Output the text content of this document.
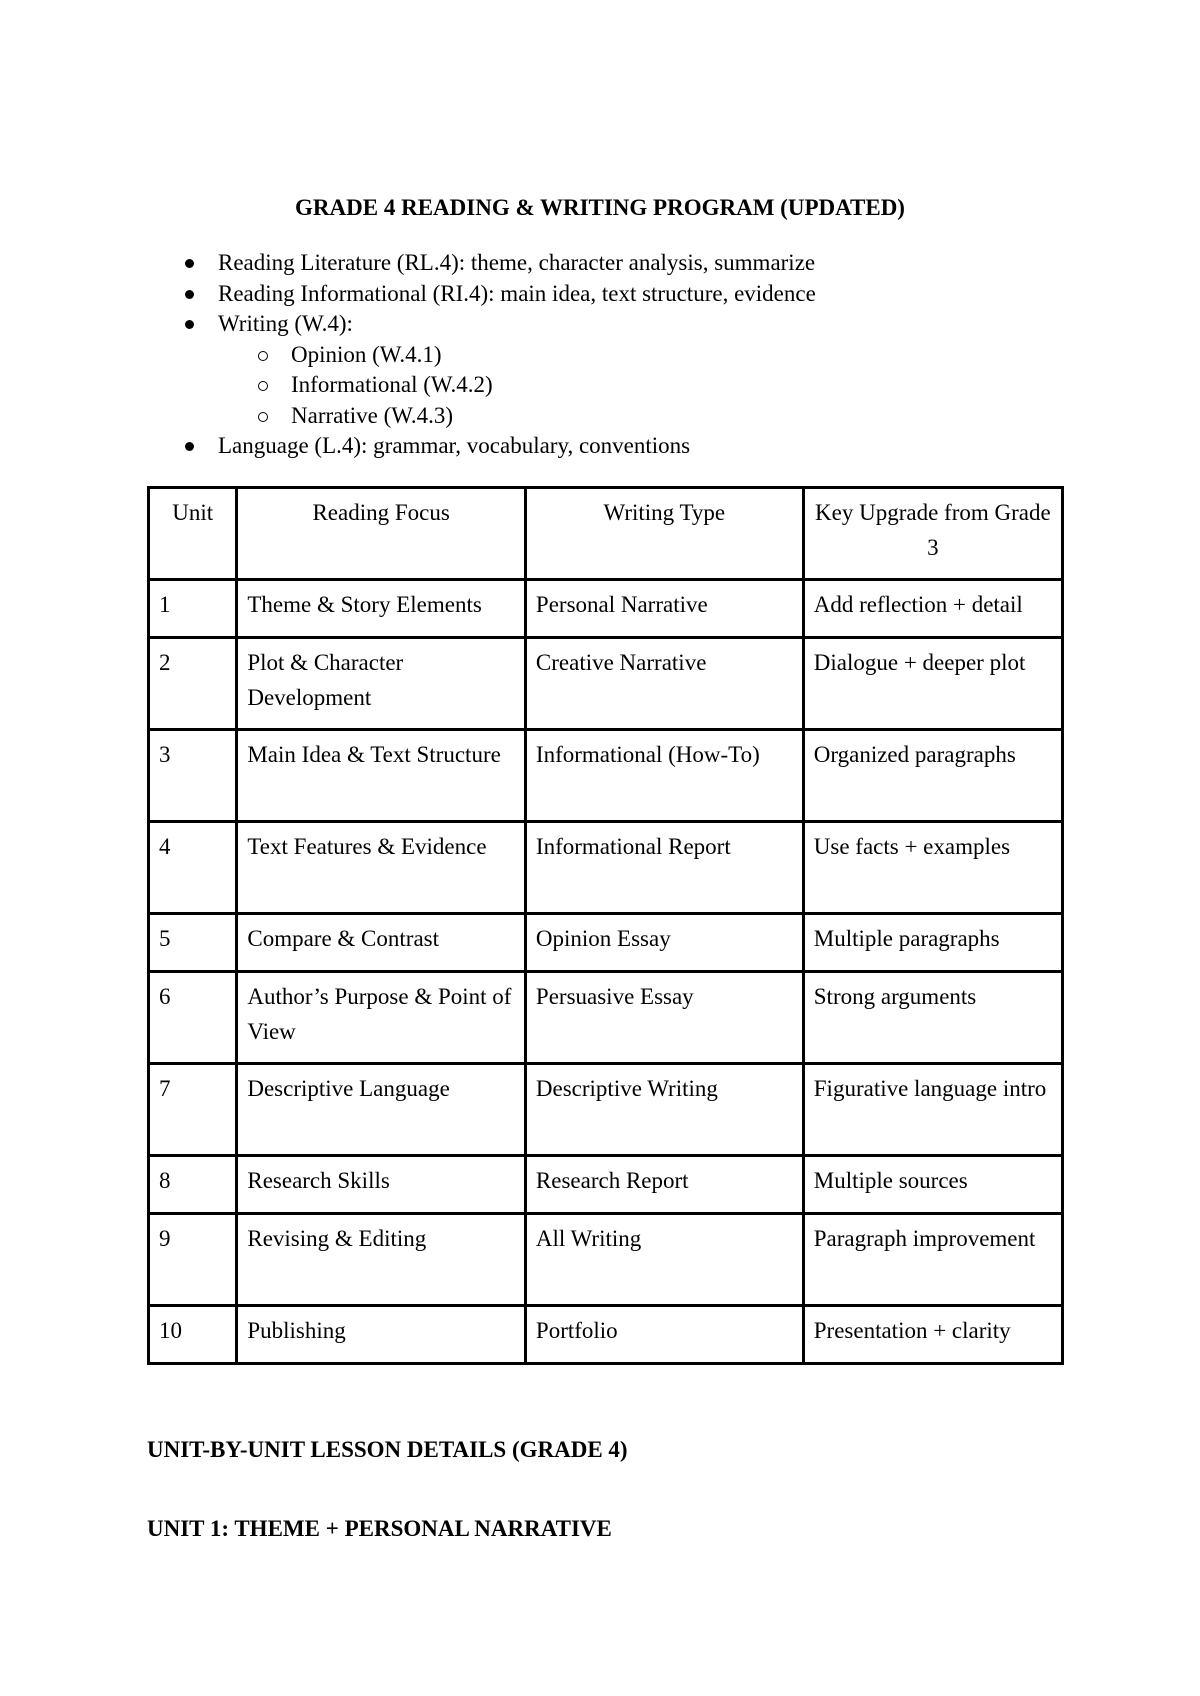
GRADE 4 READING & WRITING PROGRAM (UPDATED)
Reading Literature (RL.4): theme, character analysis, summarize
Reading Informational (RI.4): main idea, text structure, evidence
Writing (W.4):
Opinion (W.4.1)
Informational (W.4.2)
Narrative (W.4.3)
Language (L.4): grammar, vocabulary, conventions
Unit	Reading Focus	Writing Type	Key Upgrade from Grade 3
1	Theme & Story Elements	Personal Narrative	Add reflection + detail
2	Plot & Character Development	Creative Narrative	Dialogue + deeper plot
3	Main Idea & Text Structure	Informational (How-To)	Organized paragraphs
4	Text Features & Evidence	Informational Report	Use facts + examples
5	Compare & Contrast	Opinion Essay	Multiple paragraphs
6	Author’s Purpose & Point of View	Persuasive Essay	Strong arguments
7	Descriptive Language	Descriptive Writing	Figurative language intro
8	Research Skills	Research Report	Multiple sources
9	Revising & Editing	All Writing	Paragraph improvement
10	Publishing	Portfolio	Presentation + clarity
UNIT-BY-UNIT LESSON DETAILS (GRADE 4)
UNIT 1: THEME + PERSONAL NARRATIVE
